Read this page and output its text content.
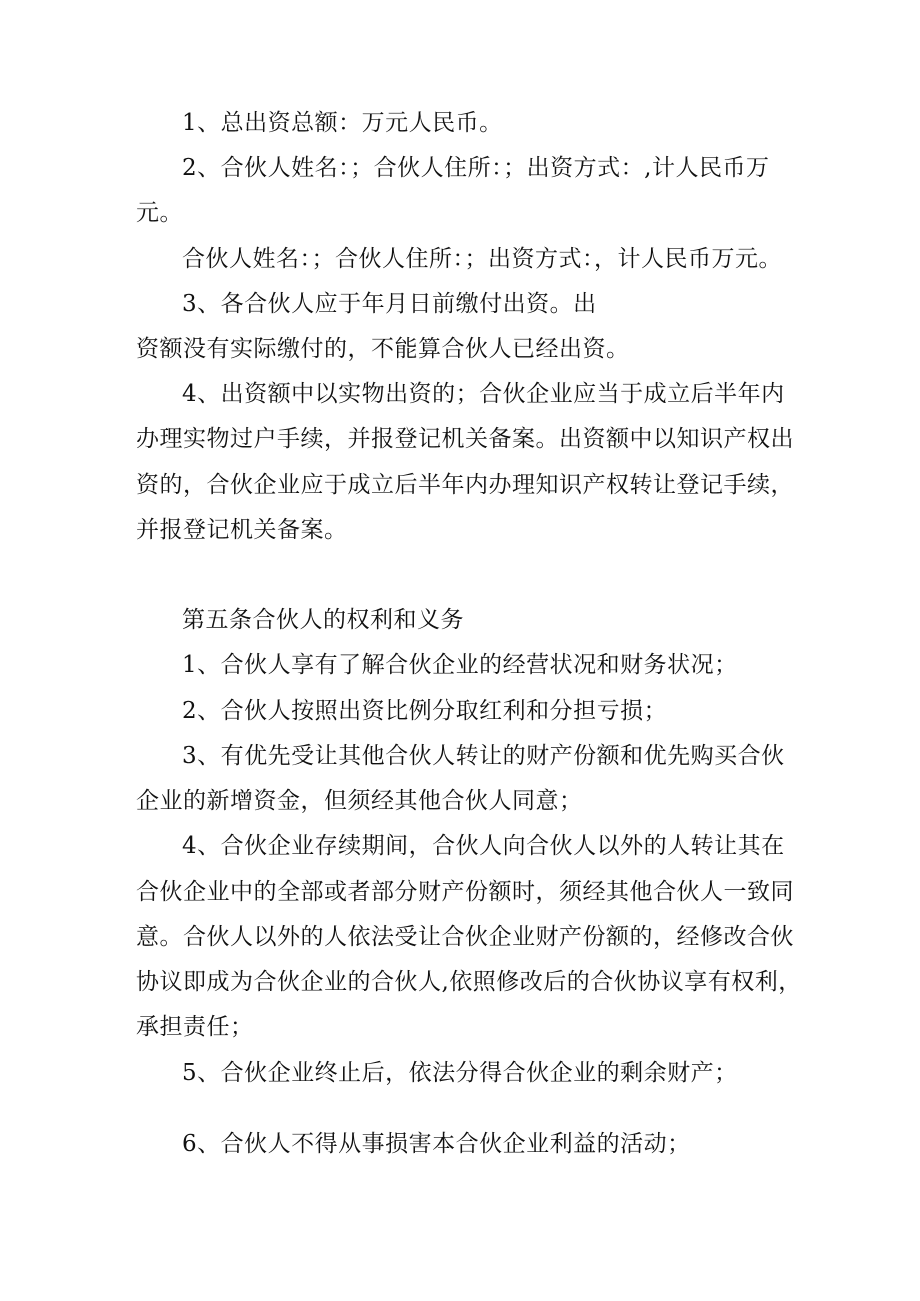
1、总出资总额：万元人民币。

2、合伙人姓名：；合伙人住所：；出资方式：,计人民币万

元。

合伙人姓名：；合伙人住所：；出资方式：，计人民币万元。

3、各合伙人应于年月日前缴付出资。出

资额没有实际缴付的，不能算合伙人已经出资。

4、出资额中以实物出资的；合伙企业应当于成立后半年内

办理实物过户手续，并报登记机关备案。出资额中以知识产权出

资的，合伙企业应于成立后半年内办理知识产权转让登记手续，

并报登记机关备案。

第五条合伙人的权利和义务

1、合伙人享有了解合伙企业的经营状况和财务状况；

2、合伙人按照出资比例分取红利和分担亏损；

3、有优先受让其他合伙人转让的财产份额和优先购买合伙

企业的新增资金，但须经其他合伙人同意；

4、合伙企业存续期间，合伙人向合伙人以外的人转让其在

合伙企业中的全部或者部分财产份额时，须经其他合伙人一致同

意。合伙人以外的人依法受让合伙企业财产份额的，经修改合伙

协议即成为合伙企业的合伙人,依照修改后的合伙协议享有权利，

承担责任；

5、合伙企业终止后，依法分得合伙企业的剩余财产；

6、合伙人不得从事损害本合伙企业利益的活动；
